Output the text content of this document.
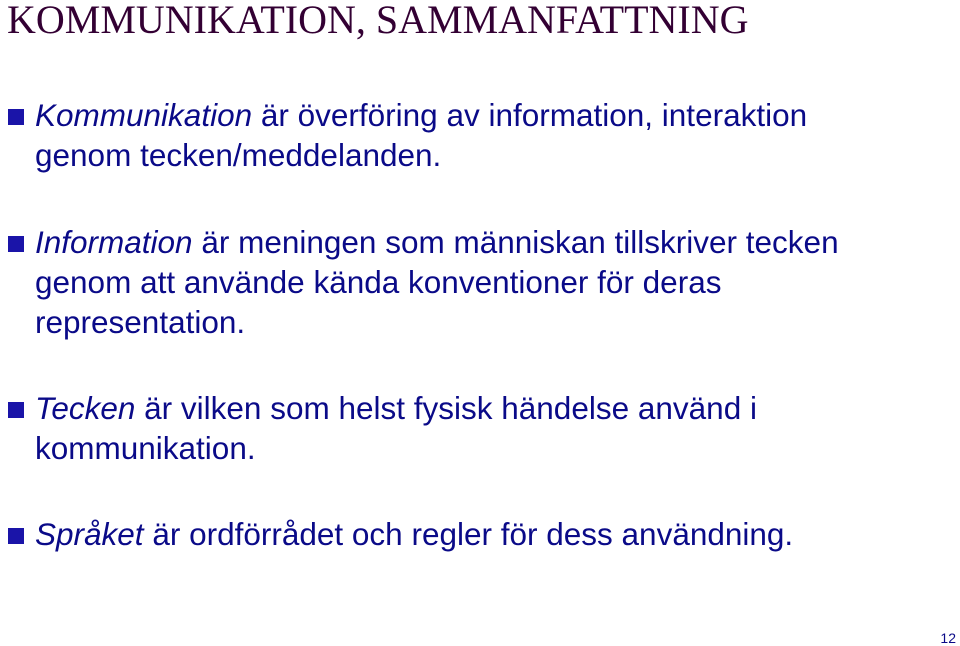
KOMMUNIKATION, SAMMANFATTNING

Kommunikation är överföring av information, interaktion genom tecken/meddelanden.

Information är meningen som människan tillskriver tecken genom att använde kända konventioner för deras representation.

Tecken är vilken som helst fysisk händelse använd i kommunikation.

Språket är ordförrådet och regler för dess användning.

12
